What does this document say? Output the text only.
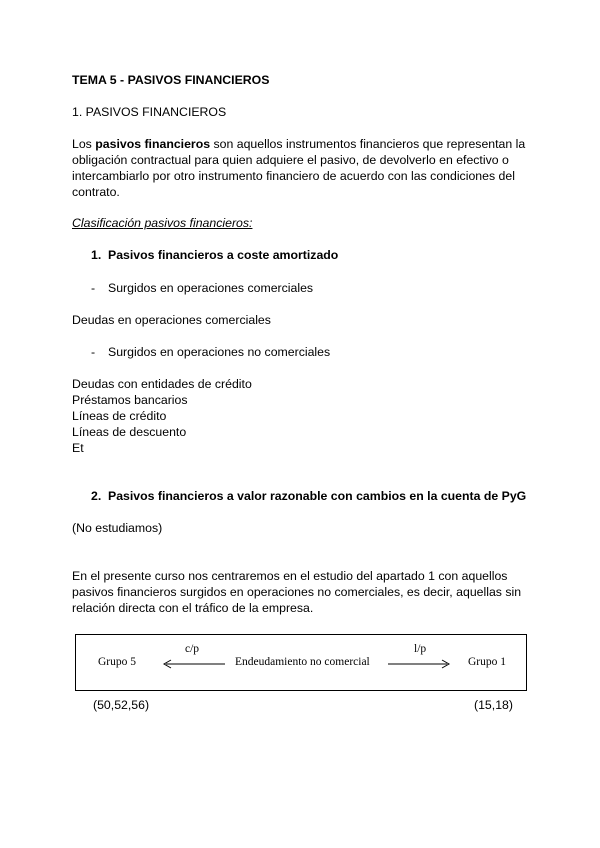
TEMA 5 - PASIVOS FINANCIEROS
1. PASIVOS FINANCIEROS
Los pasivos financieros son aquellos instrumentos financieros que representan la
obligación contractual para quien adquiere el pasivo, de devolverlo en efectivo o
intercambiarlo por otro instrumento financiero de acuerdo con las condiciones del
contrato.
Clasificación pasivos financieros:
1. Pasivos financieros a coste amortizado
- Surgidos en operaciones comerciales
Deudas en operaciones comerciales
- Surgidos en operaciones no comerciales
Deudas con entidades de crédito
Préstamos bancarios
Líneas de crédito
Líneas de descuento
Et
2. Pasivos financieros a valor razonable con cambios en la cuenta de PyG
(No estudiamos)
En el presente curso nos centraremos en el estudio del apartado 1 con aquellos
pasivos financieros surgidos en operaciones no comerciales, es decir, aquellas sin
relación directa con el tráfico de la empresa.
Grupo 5
c/p
Endeudamiento no comercial
l/p
Grupo 1
(50,52,56)	(15,18)
